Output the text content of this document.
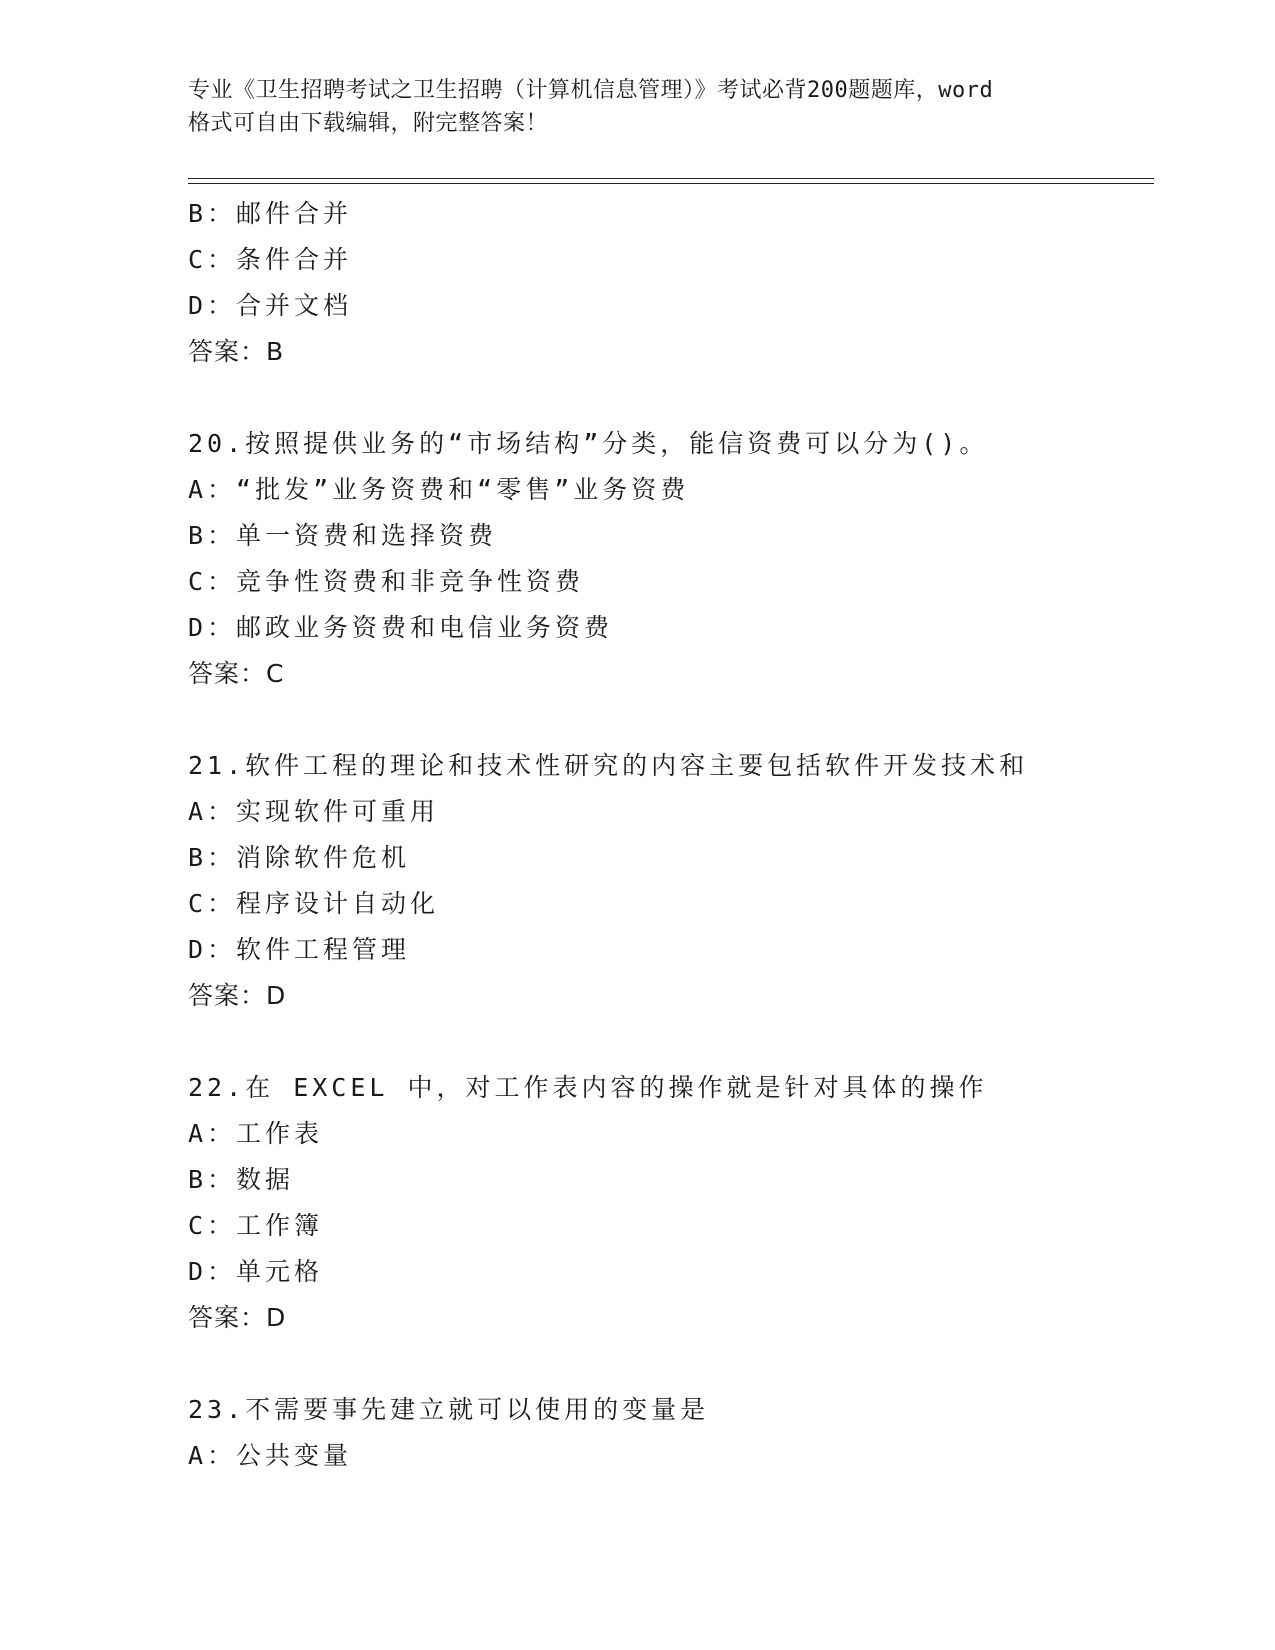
专业《卫生招聘考试之卫生招聘（计算机信息管理）》考试必背200题题库，word
格式可自由下载编辑，附完整答案！
B：邮件合并
C：条件合并
D：合并文档
答案：B
20.按照提供业务的“市场结构”分类，能信资费可以分为()。
A：“批发”业务资费和“零售”业务资费
B：单一资费和选择资费
C：竞争性资费和非竞争性资费
D：邮政业务资费和电信业务资费
答案：C
21.软件工程的理论和技术性研究的内容主要包括软件开发技术和
A：实现软件可重用
B：消除软件危机
C：程序设计自动化
D：软件工程管理
答案：D
22.在 EXCEL 中，对工作表内容的操作就是针对具体的操作
A：工作表
B：数据
C：工作簿
D：单元格
答案：D
23.不需要事先建立就可以使用的变量是
A：公共变量
